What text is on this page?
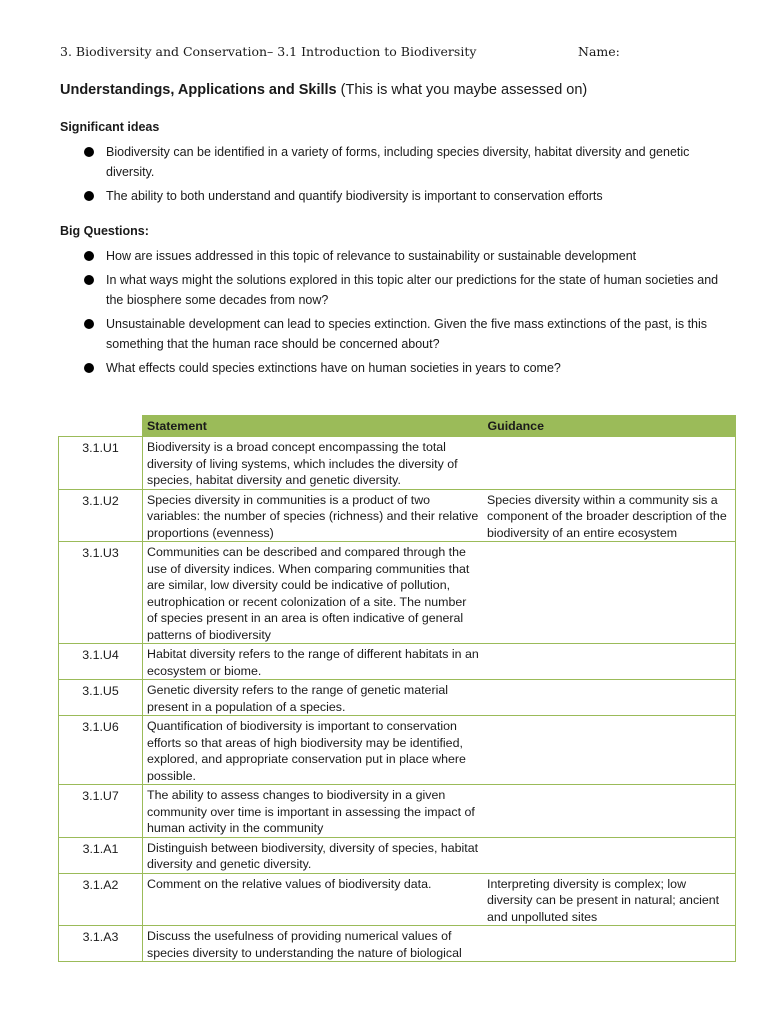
3. Biodiversity and Conservation– 3.1 Introduction to Biodiversity	Name:
Understandings, Applications and Skills (This is what you maybe assessed on)
Significant ideas
Biodiversity can be identified in a variety of forms, including species diversity, habitat diversity and genetic diversity.
The ability to both understand and quantify biodiversity is important to conservation efforts
Big Questions:
How are issues addressed in this topic of relevance to sustainability or sustainable development
In what ways might the solutions explored in this topic alter our predictions for the state of human societies and the biosphere some decades from now?
Unsustainable development can lead to species extinction. Given the five mass extinctions of the past, is this something that the human race should be concerned about?
What effects could species extinctions have on human societies in years to come?
	Statement	Guidance
3.1.U1	Biodiversity is a broad concept encompassing the total diversity of living systems, which includes the diversity of species, habitat diversity and genetic diversity.	
3.1.U2	Species diversity in communities is a product of two variables: the number of species (richness) and their relative proportions (evenness)	Species diversity within a community sis a component of the broader description of the biodiversity of an entire ecosystem
3.1.U3	Communities can be described and compared through the use of diversity indices. When comparing communities that are similar, low diversity could be indicative of pollution, eutrophication or recent colonization of a site. The number of species present in an area is often indicative of general patterns of biodiversity	
3.1.U4	Habitat diversity refers to the range of different habitats in an ecosystem or biome.	
3.1.U5	Genetic diversity refers to the range of genetic material present in a population of a species.	
3.1.U6	Quantification of biodiversity is important to conservation efforts so that areas of high biodiversity may be identified, explored, and appropriate conservation put in place where possible.	
3.1.U7	The ability to assess changes to biodiversity in a given community over time is important in assessing the impact of human activity in the community	
3.1.A1	Distinguish between biodiversity, diversity of species, habitat diversity and genetic diversity.	
3.1.A2	Comment on the relative values of biodiversity data.	Interpreting diversity is complex; low diversity can be present in natural; ancient and unpolluted sites
3.1.A3	Discuss the usefulness of providing numerical values of species diversity to understanding the nature of biological	
